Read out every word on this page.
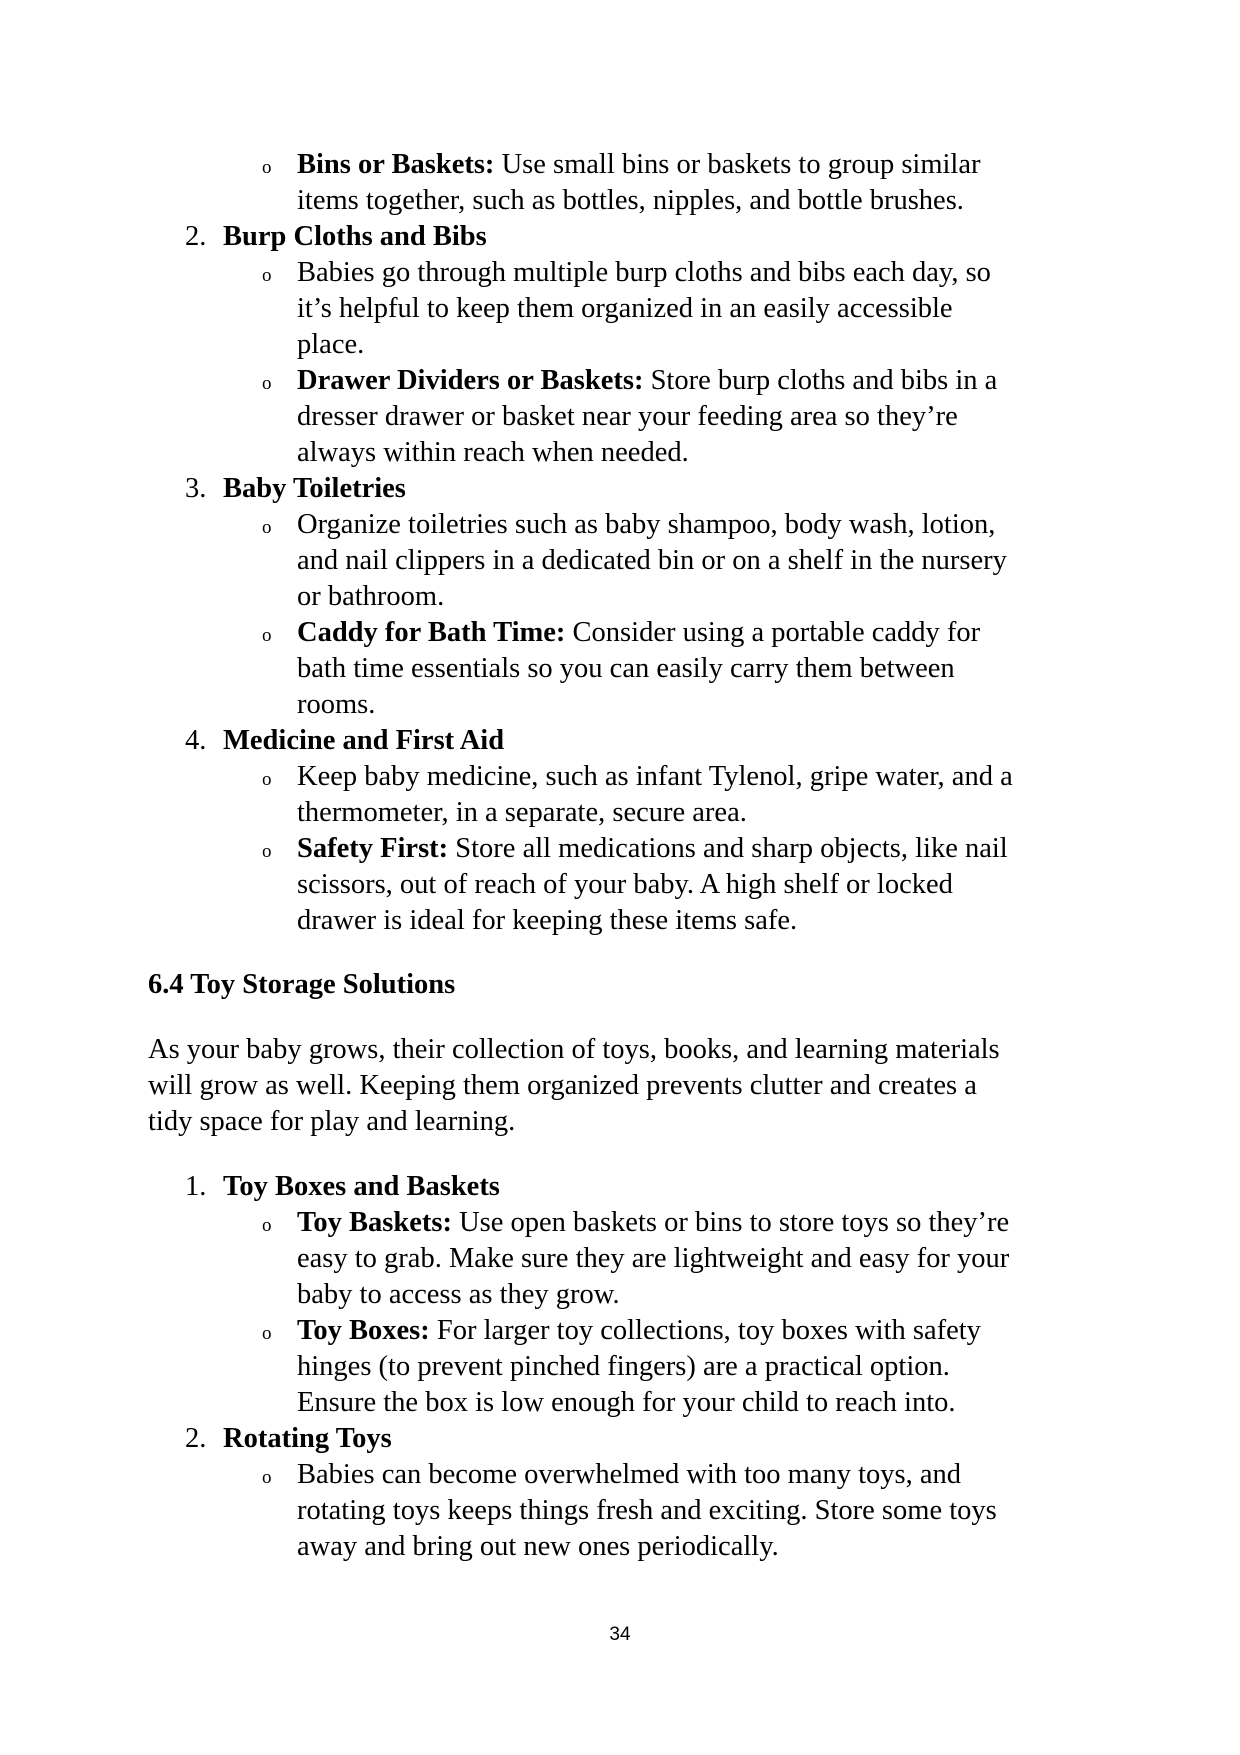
o Bins or Baskets: Use small bins or baskets to group similar
items together, such as bottles, nipples, and bottle brushes.
2. Burp Cloths and Bibs
o Babies go through multiple burp cloths and bibs each day, so
it’s helpful to keep them organized in an easily accessible
place.
o Drawer Dividers or Baskets: Store burp cloths and bibs in a
dresser drawer or basket near your feeding area so they’re
always within reach when needed.
3. Baby Toiletries
o Organize toiletries such as baby shampoo, body wash, lotion,
and nail clippers in a dedicated bin or on a shelf in the nursery
or bathroom.
o Caddy for Bath Time: Consider using a portable caddy for
bath time essentials so you can easily carry them between
rooms.
4. Medicine and First Aid
o Keep baby medicine, such as infant Tylenol, gripe water, and a
thermometer, in a separate, secure area.
o Safety First: Store all medications and sharp objects, like nail
scissors, out of reach of your baby. A high shelf or locked
drawer is ideal for keeping these items safe.
6.4 Toy Storage Solutions
As your baby grows, their collection of toys, books, and learning materials
will grow as well. Keeping them organized prevents clutter and creates a
tidy space for play and learning.
1. Toy Boxes and Baskets
o Toy Baskets: Use open baskets or bins to store toys so they’re
easy to grab. Make sure they are lightweight and easy for your
baby to access as they grow.
o Toy Boxes: For larger toy collections, toy boxes with safety
hinges (to prevent pinched fingers) are a practical option.
Ensure the box is low enough for your child to reach into.
2. Rotating Toys
o Babies can become overwhelmed with too many toys, and
rotating toys keeps things fresh and exciting. Store some toys
away and bring out new ones periodically.
34
